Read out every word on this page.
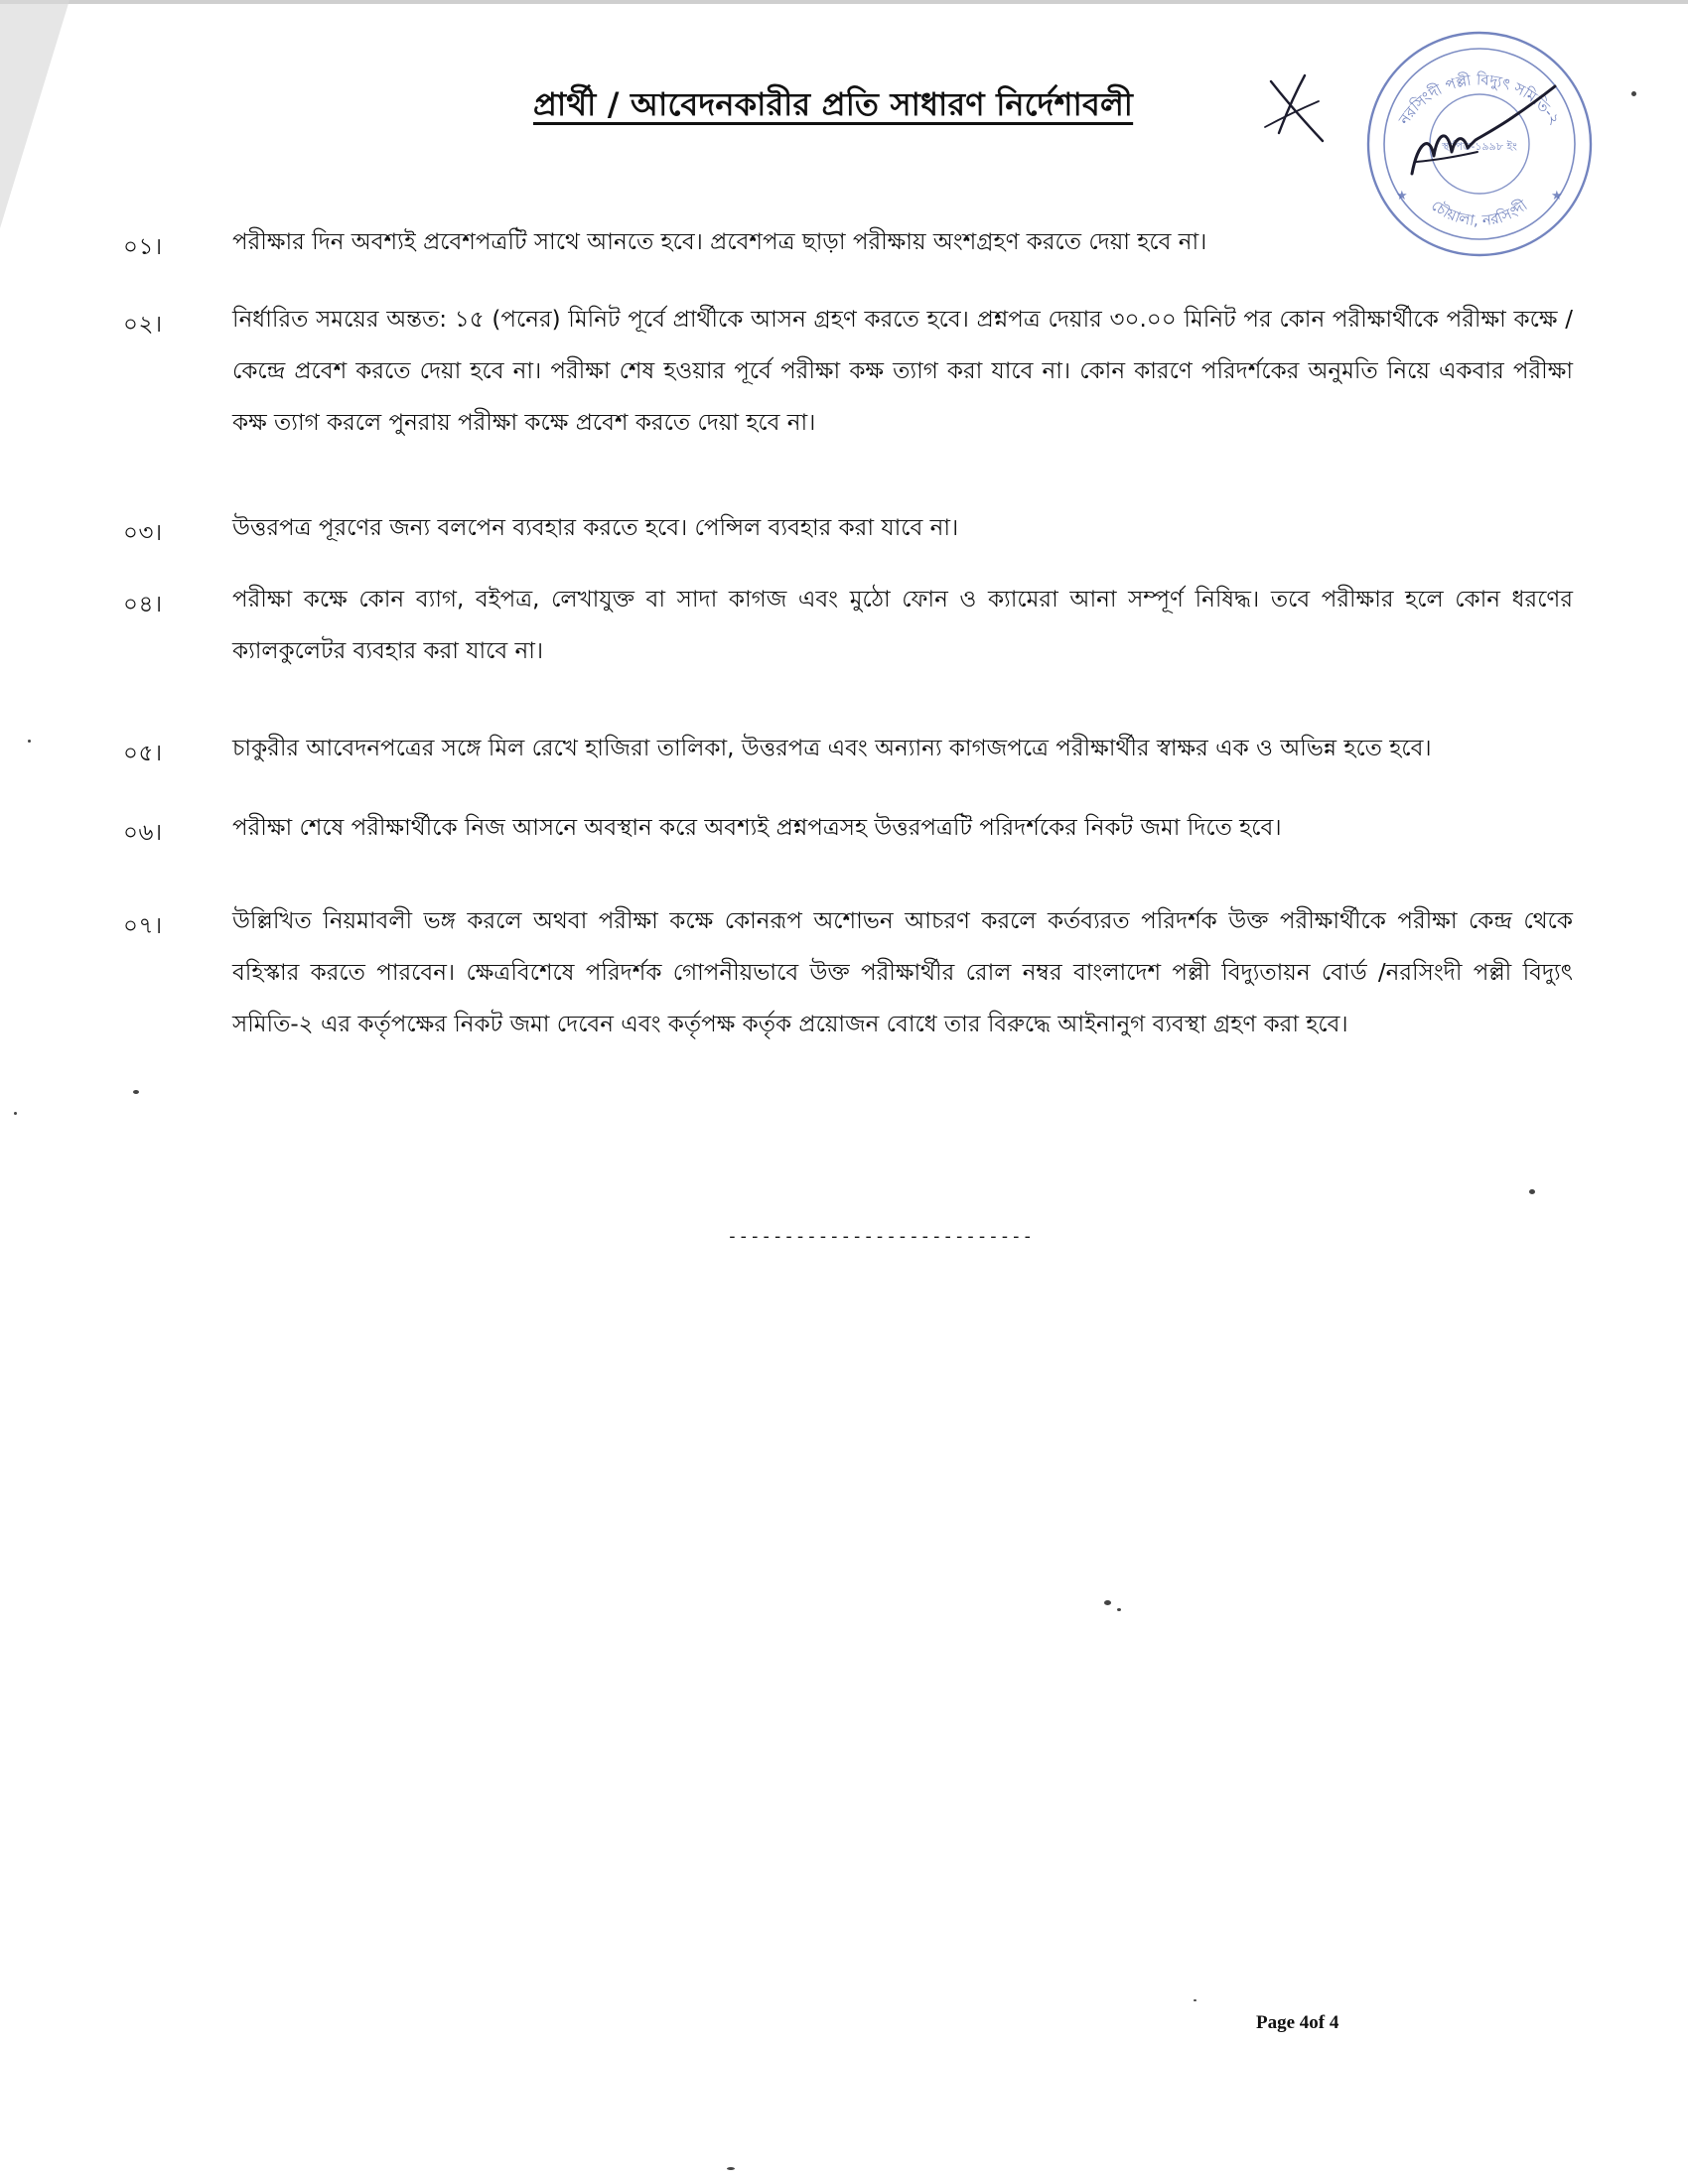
প্রার্থী / আবেদনকারীর প্রতি সাধারণ নির্দেশাবলী	নরসিংদী পল্লী বিদ্যুৎ সমিতি-২
চৌয়ালা, নরসিংদী
স্থাপিত-১৯৯৮ ইং
★	★
০১।	পরীক্ষার দিন অবশ্যই প্রবেশপত্রটি সাথে আনতে হবে। প্রবেশপত্র ছাড়া পরীক্ষায় অংশগ্রহণ করতে দেয়া হবে না।

০২।	নির্ধারিত সময়ের অন্তত: ১৫ (পনের) মিনিট পূর্বে প্রার্থীকে আসন গ্রহণ করতে হবে। প্রশ্নপত্র দেয়ার ৩০.০০ মিনিট পর কোন পরীক্ষার্থীকে পরীক্ষা কক্ষে / কেন্দ্রে প্রবেশ করতে দেয়া হবে না। পরীক্ষা শেষ হওয়ার পূর্বে পরীক্ষা কক্ষ ত্যাগ করা যাবে না। কোন কারণে পরিদর্শকের অনুমতি নিয়ে একবার পরীক্ষা কক্ষ ত্যাগ করলে পুনরায় পরীক্ষা কক্ষে প্রবেশ করতে দেয়া হবে না।

০৩।	উত্তরপত্র পূরণের জন্য বলপেন ব্যবহার করতে হবে। পেন্সিল ব্যবহার করা যাবে না।

০৪।	পরীক্ষা কক্ষে কোন ব্যাগ, বইপত্র, লেখাযুক্ত বা সাদা কাগজ এবং মুঠো ফোন ও ক্যামেরা আনা সম্পূর্ণ নিষিদ্ধ। তবে পরীক্ষার হলে কোন ধরণের ক্যালকুলেটর ব্যবহার করা যাবে না।

০৫।	চাকুরীর আবেদনপত্রের সঙ্গে মিল রেখে হাজিরা তালিকা, উত্তরপত্র এবং অন্যান্য কাগজপত্রে পরীক্ষার্থীর স্বাক্ষর এক ও অভিন্ন হতে হবে।

০৬।	পরীক্ষা শেষে পরীক্ষার্থীকে নিজ আসনে অবস্থান করে অবশ্যই প্রশ্নপত্রসহ উত্তরপত্রটি পরিদর্শকের নিকট জমা দিতে হবে।

০৭।	উল্লিখিত নিয়মাবলী ভঙ্গ করলে অথবা পরীক্ষা কক্ষে কোনরূপ অশোভন আচরণ করলে কর্তব্যরত পরিদর্শক উক্ত পরীক্ষার্থীকে পরীক্ষা কেন্দ্র থেকে বহিস্কার করতে পারবেন। ক্ষেত্রবিশেষে পরিদর্শক গোপনীয়ভাবে উক্ত পরীক্ষার্থীর রোল নম্বর বাংলাদেশ পল্লী বিদ্যুতায়ন বোর্ড /নরসিংদী পল্লী বিদ্যুৎ সমিতি-২ এর কর্তৃপক্ষের নিকট জমা দেবেন এবং কর্তৃপক্ষ কর্তৃক প্রয়োজন বোধে তার বিরুদ্ধে আইনানুগ ব্যবস্থা গ্রহণ করা হবে।

---------------------------
Page 4of 4
